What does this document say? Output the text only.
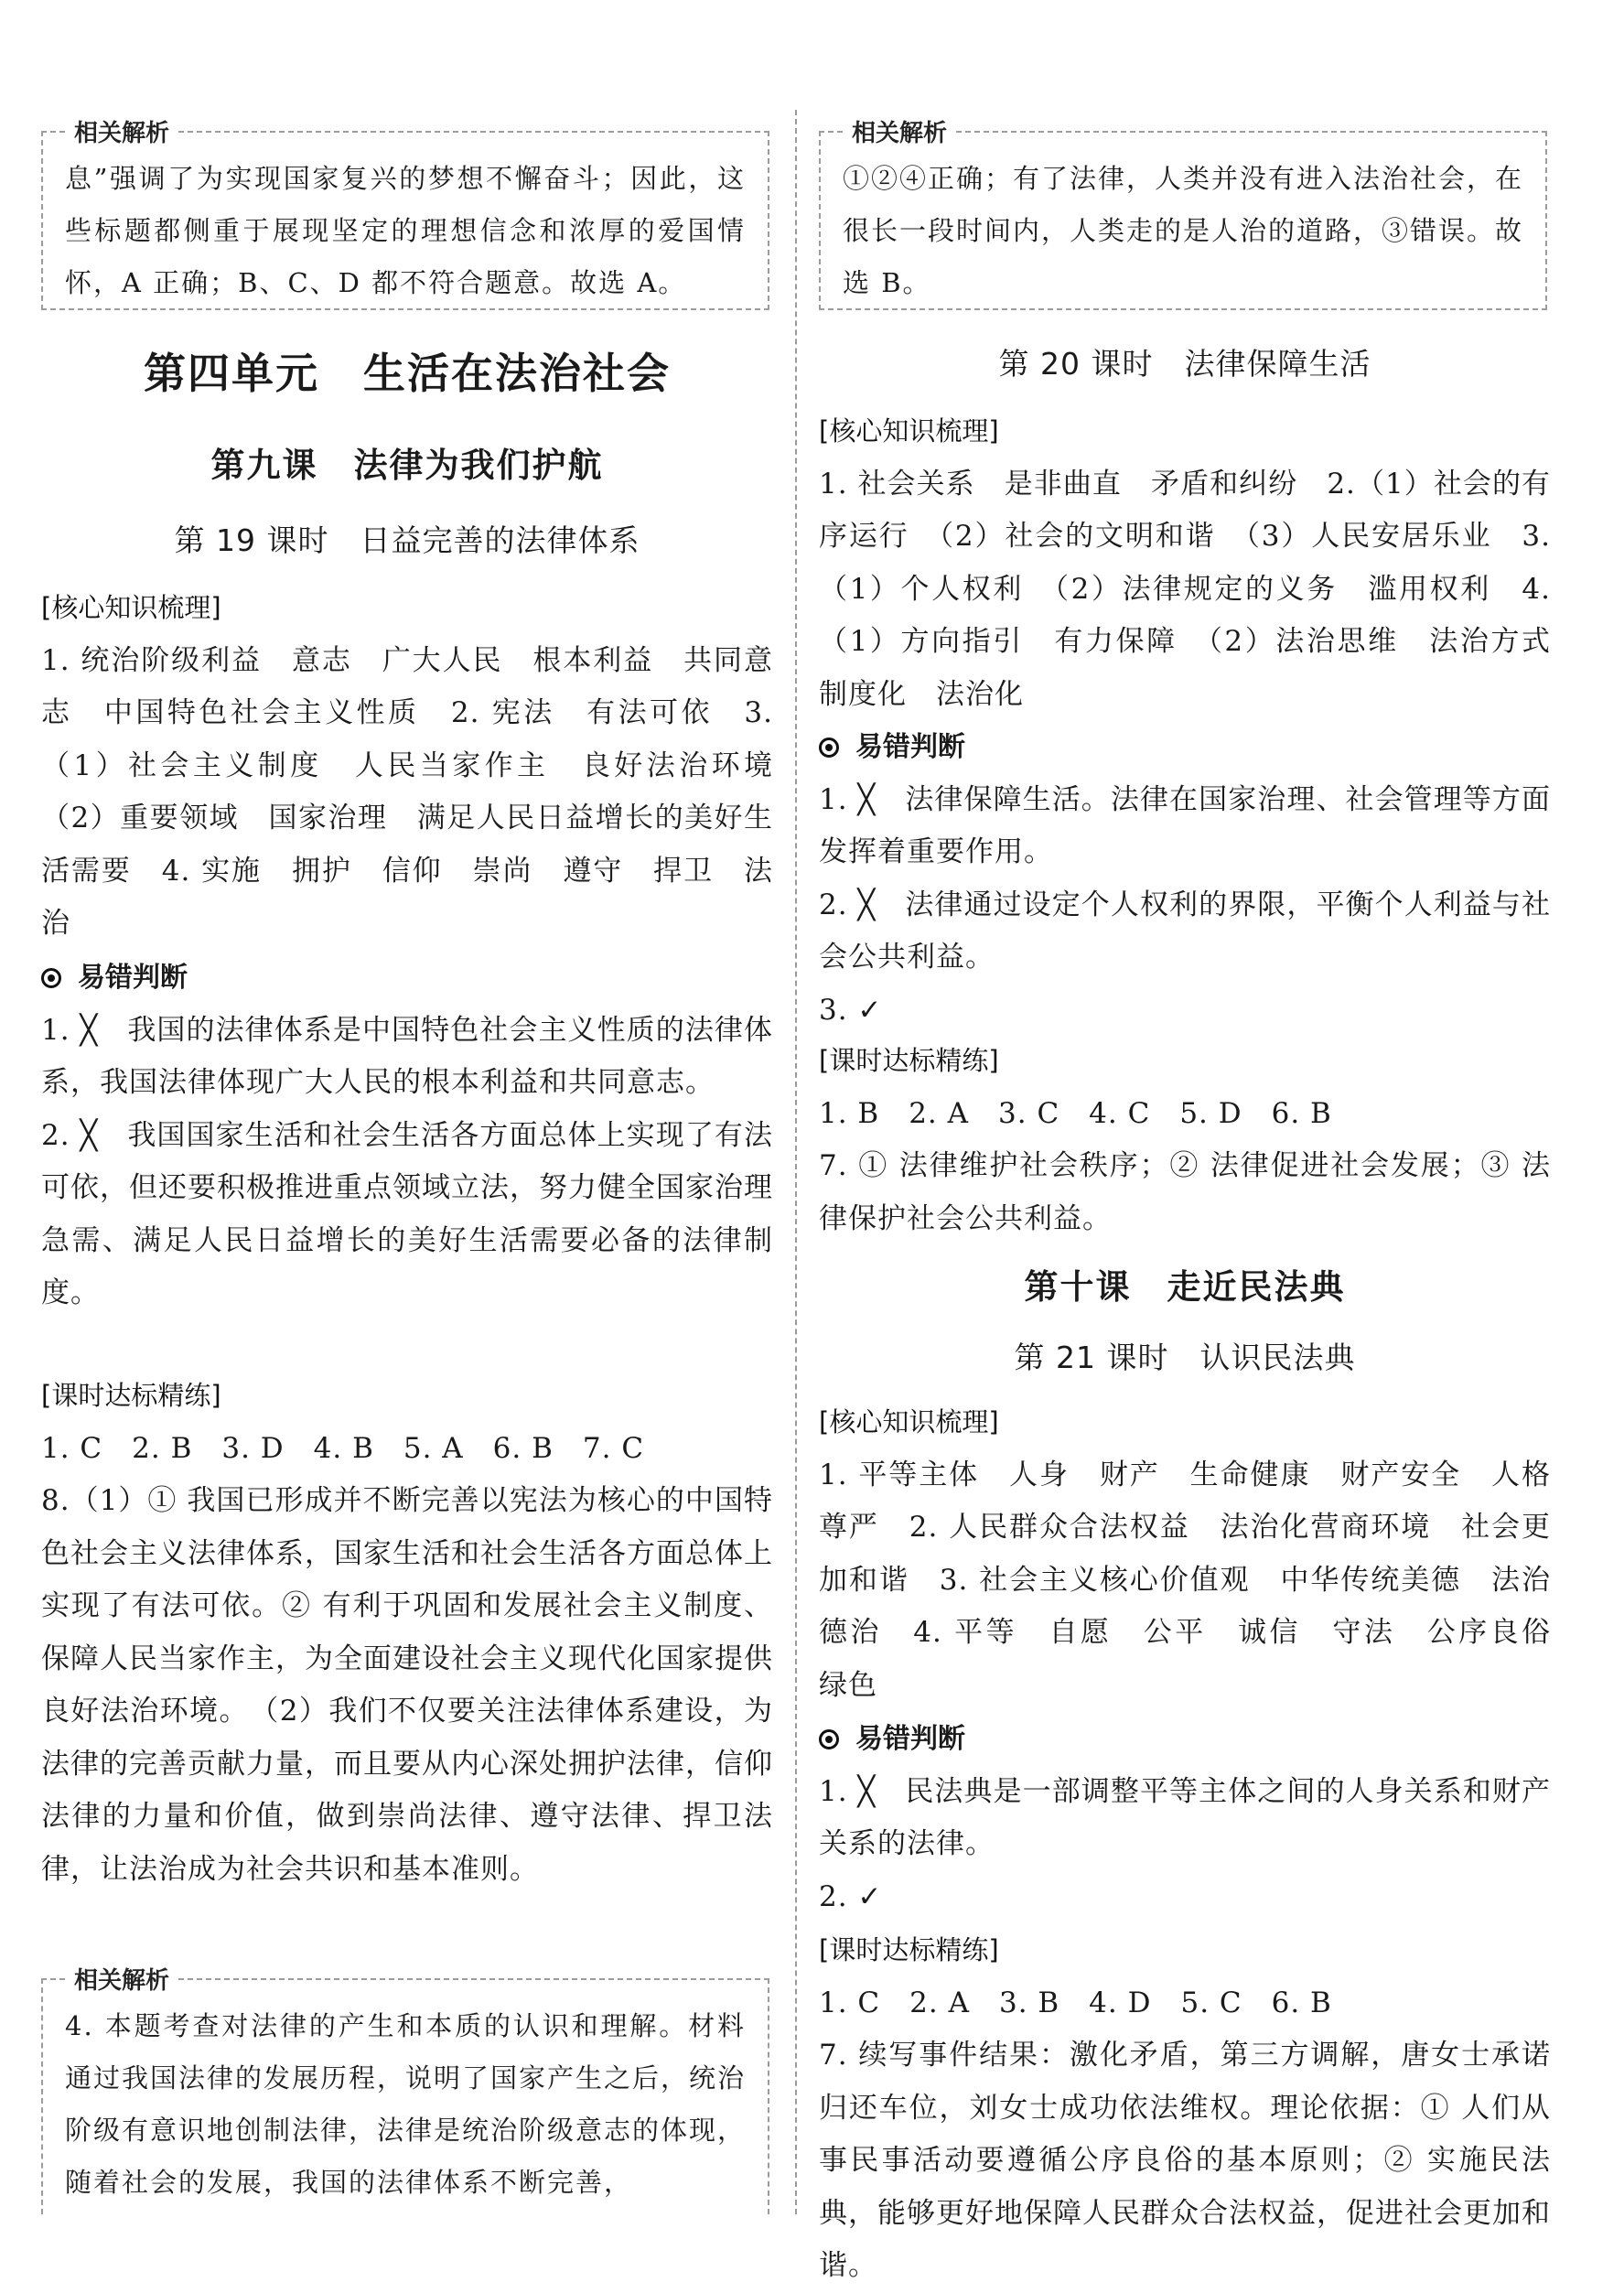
相关解析
息”强调了为实现国家复兴的梦想不懈奋斗；因此，这些标题都侧重于展现坚定的理想信念和浓厚的爱国情怀，A 正确；B、C、D 都不符合题意。故选 A。
第四单元　生活在法治社会
第九课　法律为我们护航
第 19 课时　日益完善的法律体系
[核心知识梳理]

1. 统治阶级利益　意志　广大人民　根本利益　共同意志　中国特色社会主义性质　2. 宪法　有法可依　3.（1）社会主义制度　人民当家作主　良好法治环境　（2）重要领域　国家治理　满足人民日益增长的美好生活需要　4. 实施　拥护　信仰　崇尚　遵守　捍卫　法治

易错判断

1. ╳　我国的法律体系是中国特色社会主义性质的法律体系，我国法律体现广大人民的根本利益和共同意志。

2. ╳　我国国家生活和社会生活各方面总体上实现了有法可依，但还要积极推进重点领域立法，努力健全国家治理急需、满足人民日益增长的美好生活需要必备的法律制度。

[课时达标精练]

1. C　2. B　3. D　4. B　5. A　6. B　7. C

8.（1）① 我国已形成并不断完善以宪法为核心的中国特色社会主义法律体系，国家生活和社会生活各方面总体上实现了有法可依。② 有利于巩固和发展社会主义制度、保障人民当家作主，为全面建设社会主义现代化国家提供良好法治环境。　（2）我们不仅要关注法律体系建设，为法律的完善贡献力量，而且要从内心深处拥护法律，信仰法律的力量和价值，做到崇尚法律、遵守法律、捍卫法律，让法治成为社会共识和基本准则。

相关解析
4. 本题考查对法律的产生和本质的认识和理解。材料通过我国法律的发展历程，说明了国家产生之后，统治阶级有意识地创制法律，法律是统治阶级意志的体现，随着社会的发展，我国的法律体系不断完善，
相关解析
①②④正确；有了法律，人类并没有进入法治社会，在很长一段时间内，人类走的是人治的道路，③错误。故选 B。
第 20 课时　法律保障生活
[核心知识梳理]

1. 社会关系　是非曲直　矛盾和纠纷　2.（1）社会的有序运行　（2）社会的文明和谐　（3）人民安居乐业　3.（1）个人权利　（2）法律规定的义务　滥用权利　4.（1）方向指引　有力保障　（2）法治思维　法治方式　制度化　法治化

易错判断

1. ╳　法律保障生活。法律在国家治理、社会管理等方面发挥着重要作用。

2. ╳　法律通过设定个人权利的界限，平衡个人利益与社会公共利益。

3. ✓

[课时达标精练]

1. B　2. A　3. C　4. C　5. D　6. B

7. ① 法律维护社会秩序；② 法律促进社会发展；③ 法律保护社会公共利益。

第十课　走近民法典
第 21 课时　认识民法典
[核心知识梳理]

1. 平等主体　人身　财产　生命健康　财产安全　人格尊严　2. 人民群众合法权益　法治化营商环境　社会更加和谐　3. 社会主义核心价值观　中华传统美德　法治　德治　4. 平等　自愿　公平　诚信　守法　公序良俗　绿色

易错判断

1. ╳　民法典是一部调整平等主体之间的人身关系和财产关系的法律。

2. ✓

[课时达标精练]

1. C　2. A　3. B　4. D　5. C　6. B

7. 续写事件结果：激化矛盾，第三方调解，唐女士承诺归还车位，刘女士成功依法维权。理论依据：① 人们从事民事活动要遵循公序良俗的基本原则；② 实施民法典，能够更好地保障人民群众合法权益，促进社会更加和谐。
